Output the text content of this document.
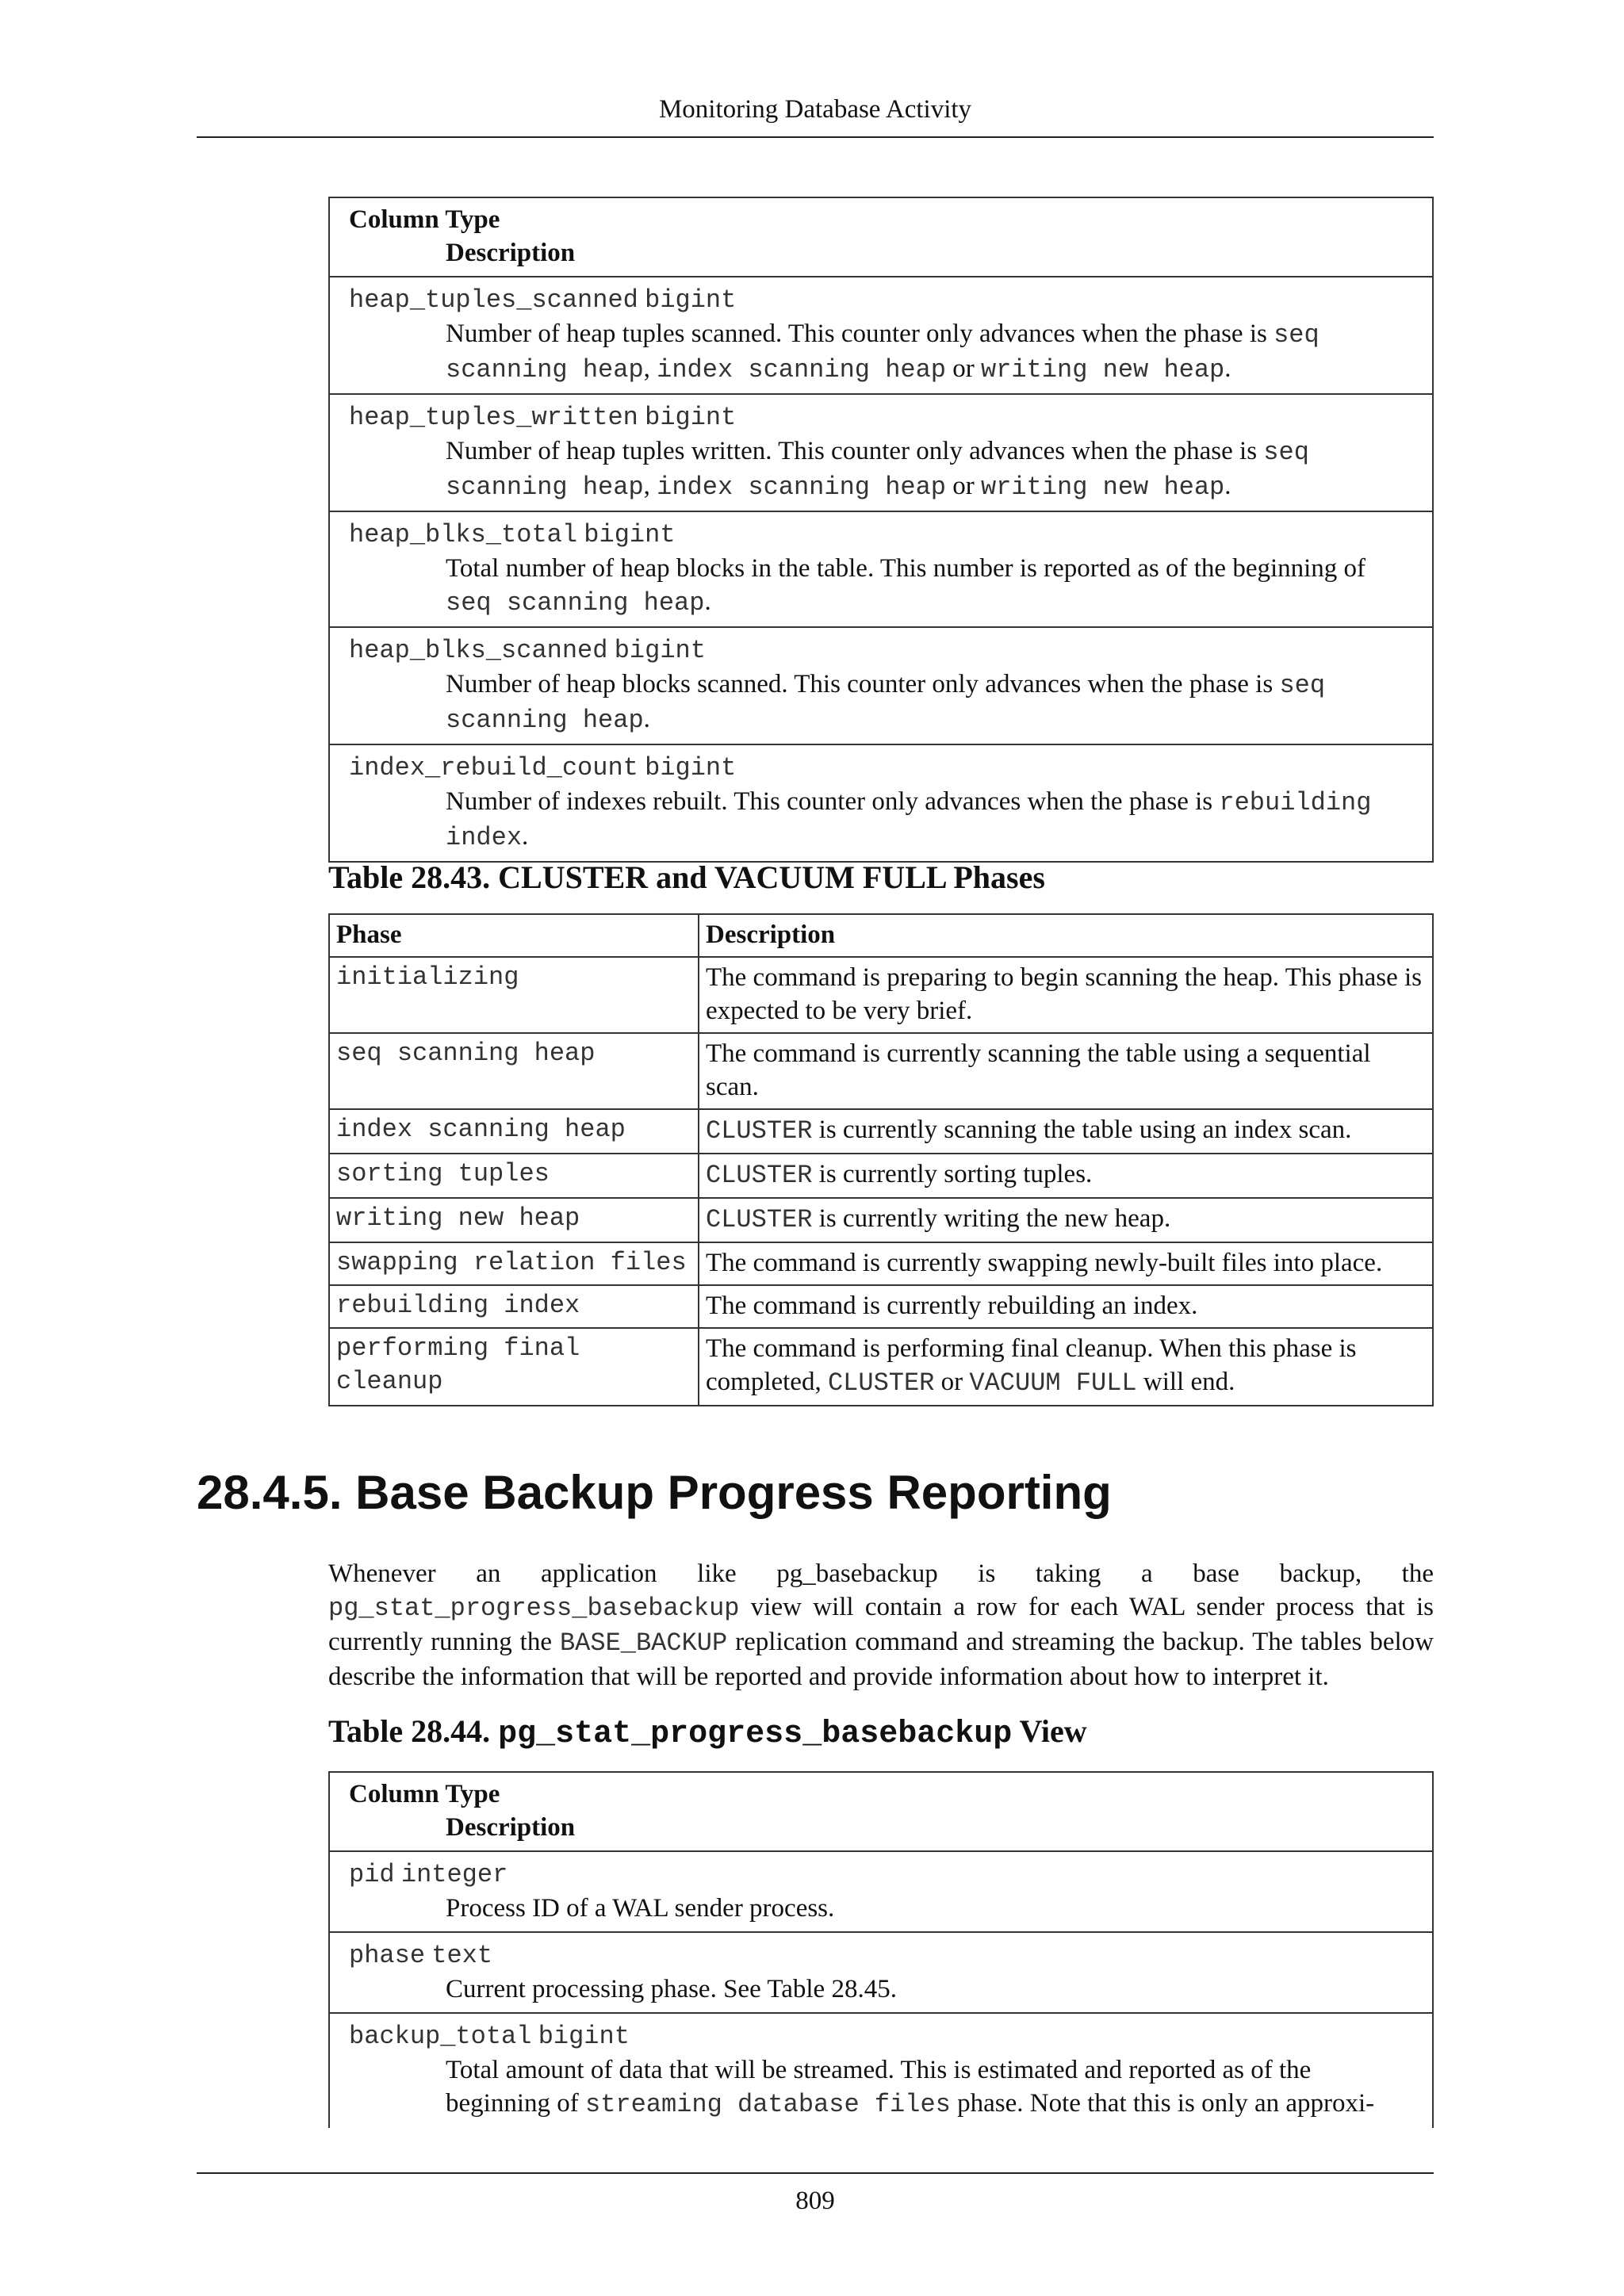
Monitoring Database Activity
Column Type
Description

heap_tuples_scanned bigint
Number of heap tuples scanned. This counter only advances when the phase is seq scanning heap, index scanning heap or writing new heap.

heap_tuples_written bigint
Number of heap tuples written. This counter only advances when the phase is seq scanning heap, index scanning heap or writing new heap.

heap_blks_total bigint
Total number of heap blocks in the table. This number is reported as of the beginning of seq scanning heap.

heap_blks_scanned bigint
Number of heap blocks scanned. This counter only advances when the phase is seq scanning heap.

index_rebuild_count bigint
Number of indexes rebuilt. This counter only advances when the phase is rebuilding index.
Table 28.43. CLUSTER and VACUUM FULL Phases
Phase	Description
initializing	The command is preparing to begin scanning the heap. This phase is expected to be very brief.
seq scanning heap	The command is currently scanning the table using a sequential scan.
index scanning heap	CLUSTER is currently scanning the table using an index scan.
sorting tuples	CLUSTER is currently sorting tuples.
writing new heap	CLUSTER is currently writing the new heap.
swapping relation files	The command is currently swapping newly-built files into place.
rebuilding index	The command is currently rebuilding an index.
performing final cleanup	The command is performing final cleanup. When this phase is completed, CLUSTER or VACUUM FULL will end.
28.4.5. Base Backup Progress Reporting

Whenever an application like pg_basebackup is taking a base backup, the pg_stat_progress_basebackup view will contain a row for each WAL sender process that is currently running the BASE_BACKUP replication command and streaming the backup. The tables below describe the information that will be reported and provide information about how to interpret it.

Table 28.44. pg_stat_progress_basebackup View
Column Type
Description

pid integer
Process ID of a WAL sender process.

phase text
Current processing phase. See Table 28.45.

backup_total bigint
Total amount of data that will be streamed. This is estimated and reported as of the beginning of streaming database files phase. Note that this is only an approxi-
809
